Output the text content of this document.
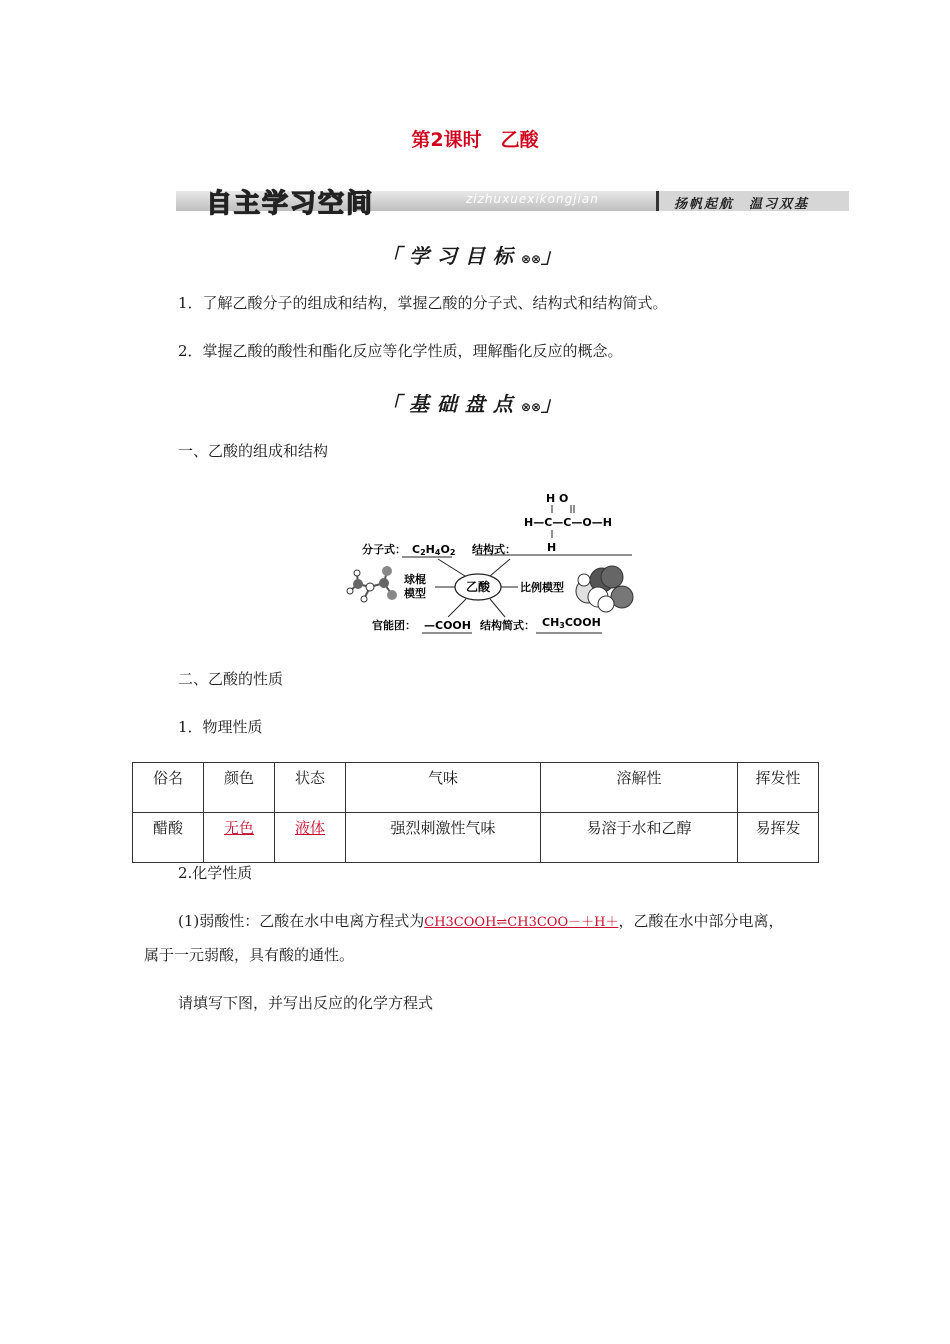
第2课时　乙酸
自主学习空间	zizhuxuexikongjian	扬帆起航　温习双基
「学习目标⊗⊗」
1．了解乙酸分子的组成和结构，掌握乙酸的分子式、结构式和结构简式。
2．掌握乙酸的酸性和酯化反应等化学性质，理解酯化反应的概念。
「基础盘点⊗⊗」
一、乙酸的组成和结构
H O
H—C—C—O—H
H
分子式： C2H4O2 结构式：
乙酸
球棍
模型	比例模型
官能团： —COOH 结构简式： CH3COOH
二、乙酸的性质
1．物理性质
俗名	颜色	状态	气味	溶解性	挥发性
醋酸	无色	液体	强烈刺激性气味	易溶于水和乙醇	易挥发
2.化学性质
(1)弱酸性：乙酸在水中电离方程式为CH3COOH⇌CH3COO－＋H＋，乙酸在水中部分电离，
属于一元弱酸，具有酸的通性。
请填写下图，并写出反应的化学方程式
